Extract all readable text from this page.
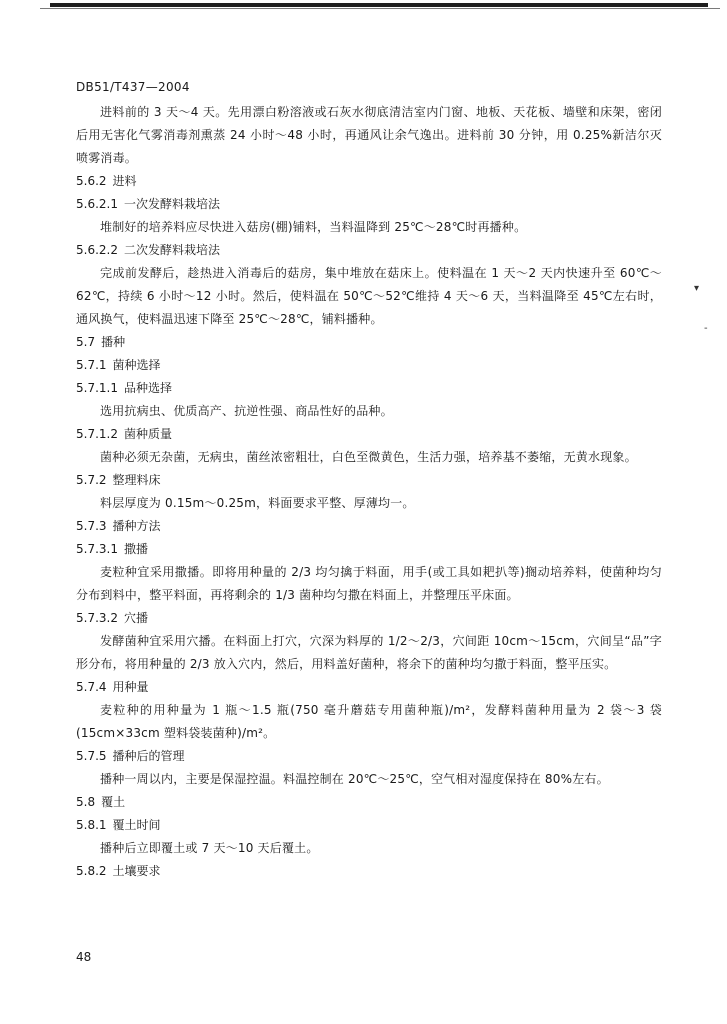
DB51/T437—2004

进料前的 3 天～4 天。先用漂白粉溶液或石灰水彻底清洁室内门窗、地板、天花板、墙壁和床架，密闭后用无害化气雾消毒剂熏蒸 24 小时～48 小时，再通风让余气逸出。进料前 30 分钟，用 0.25%新洁尔灭喷雾消毒。

5.6.2 进料

5.6.2.1 一次发酵料栽培法

堆制好的培养料应尽快进入菇房(棚)铺料，当料温降到 25℃～28℃时再播种。

5.6.2.2 二次发酵料栽培法

完成前发酵后，趁热进入消毒后的菇房，集中堆放在菇床上。使料温在 1 天～2 天内快速升至 60℃～62℃，持续 6 小时～12 小时。然后，使料温在 50℃～52℃维持 4 天～6 天，当料温降至 45℃左右时，通风换气，使料温迅速下降至 25℃～28℃，铺料播种。

5.7 播种

5.7.1 菌种选择

5.7.1.1 品种选择

选用抗病虫、优质高产、抗逆性强、商品性好的品种。

5.7.1.2 菌种质量

菌种必须无杂菌，无病虫，菌丝浓密粗壮，白色至微黄色，生活力强，培养基不萎缩，无黄水现象。

5.7.2 整理料床

料层厚度为 0.15m～0.25m，料面要求平整、厚薄均一。

5.7.3 播种方法

5.7.3.1 撒播

麦粒种宜采用撒播。即将用种量的 2/3 均匀擒于料面，用手(或工具如耙扒等)搁动培养料，使菌种均匀分布到料中，整平料面，再将剩余的 1/3 菌种均匀撒在料面上，并整理压平床面。

5.7.3.2 穴播

发酵菌种宜采用穴播。在料面上打穴，穴深为料厚的 1/2～2/3，穴间距 10cm～15cm，穴间呈“品”字形分布，将用种量的 2/3 放入穴内，然后，用料盖好菌种，将余下的菌种均匀撒于料面，整平压实。

5.7.4 用种量

麦粒种的用种量为 1 瓶～1.5 瓶(750 毫升蘑菇专用菌种瓶)/m²，发酵料菌种用量为 2 袋～3 袋(15cm×33cm 塑料袋装菌种)/m²。

5.7.5 播种后的管理

播种一周以内，主要是保湿控温。料温控制在 20℃～25℃，空气相对湿度保持在 80%左右。

5.8 覆土

5.8.1 覆土时间

播种后立即覆土或 7 天～10 天后覆土。

5.8.2 土壤要求

▾
-
48
